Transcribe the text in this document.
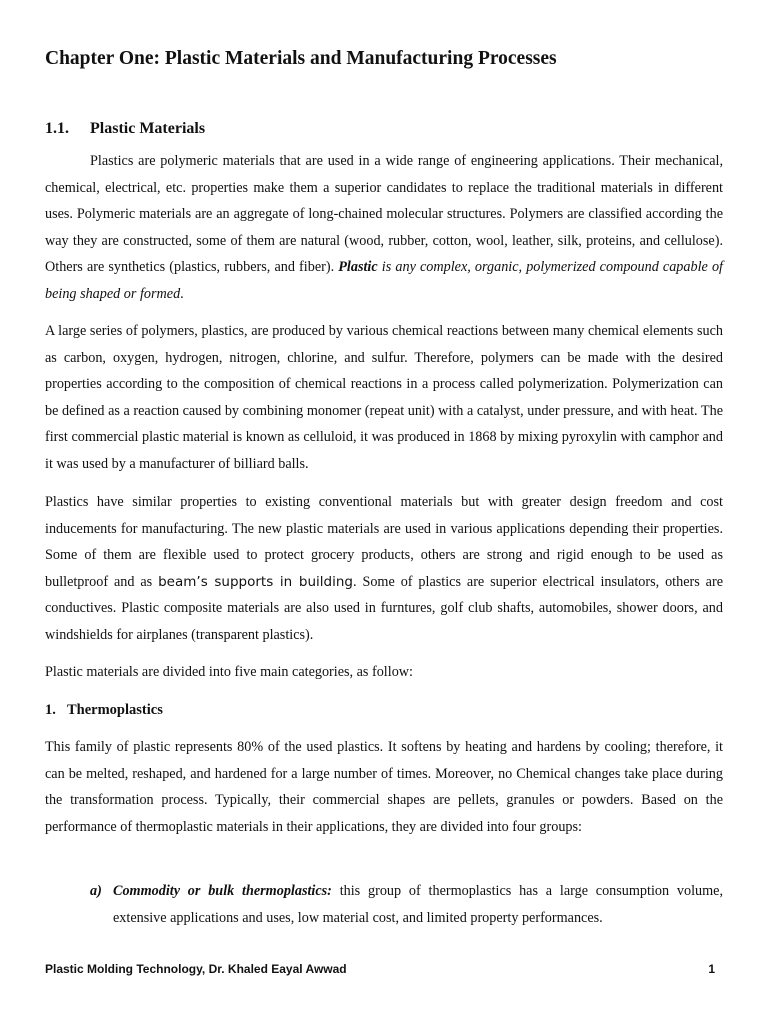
Chapter One: Plastic Materials and Manufacturing Processes
1.1. Plastic Materials

Plastics are polymeric materials that are used in a wide range of engineering applications. Their mechanical, chemical, electrical, etc. properties make them a superior candidates to replace the traditional materials in different uses. Polymeric materials are an aggregate of long-chained molecular structures. Polymers are classified according the way they are constructed, some of them are natural (wood, rubber, cotton, wool, leather, silk, proteins, and cellulose). Others are synthetics (plastics, rubbers, and fiber). Plastic is any complex, organic, polymerized compound capable of being shaped or formed.

A large series of polymers, plastics, are produced by various chemical reactions between many chemical elements such as carbon, oxygen, hydrogen, nitrogen, chlorine, and sulfur. Therefore, polymers can be made with the desired properties according to the composition of chemical reactions in a process called polymerization. Polymerization can be defined as a reaction caused by combining monomer (repeat unit) with a catalyst, under pressure, and with heat. The first commercial plastic material is known as celluloid, it was produced in 1868 by mixing pyroxylin with camphor and it was used by a manufacturer of billiard balls.

Plastics have similar properties to existing conventional materials but with greater design freedom and cost inducements for manufacturing. The new plastic materials are used in various applications depending their properties. Some of them are flexible used to protect grocery products, others are strong and rigid enough to be used as bulletproof and as beam’s supports in building. Some of plastics are superior electrical insulators, others are conductives. Plastic composite materials are also used in furntures, golf club shafts, automobiles, shower doors, and windshields for airplanes (transparent plastics).

Plastic materials are divided into five main categories, as follow:

1. Thermoplastics

This family of plastic represents 80% of the used plastics. It softens by heating and hardens by cooling; therefore, it can be melted, reshaped, and hardened for a large number of times. Moreover, no Chemical changes take place during the transformation process. Typically, their commercial shapes are pellets, granules or powders. Based on the performance of thermoplastic materials in their applications, they are divided into four groups:

a) Commodity or bulk thermoplastics: this group of thermoplastics has a large consumption volume, extensive applications and uses, low material cost, and limited property performances.
Plastic Molding Technology, Dr. Khaled Eayal Awwad	1
